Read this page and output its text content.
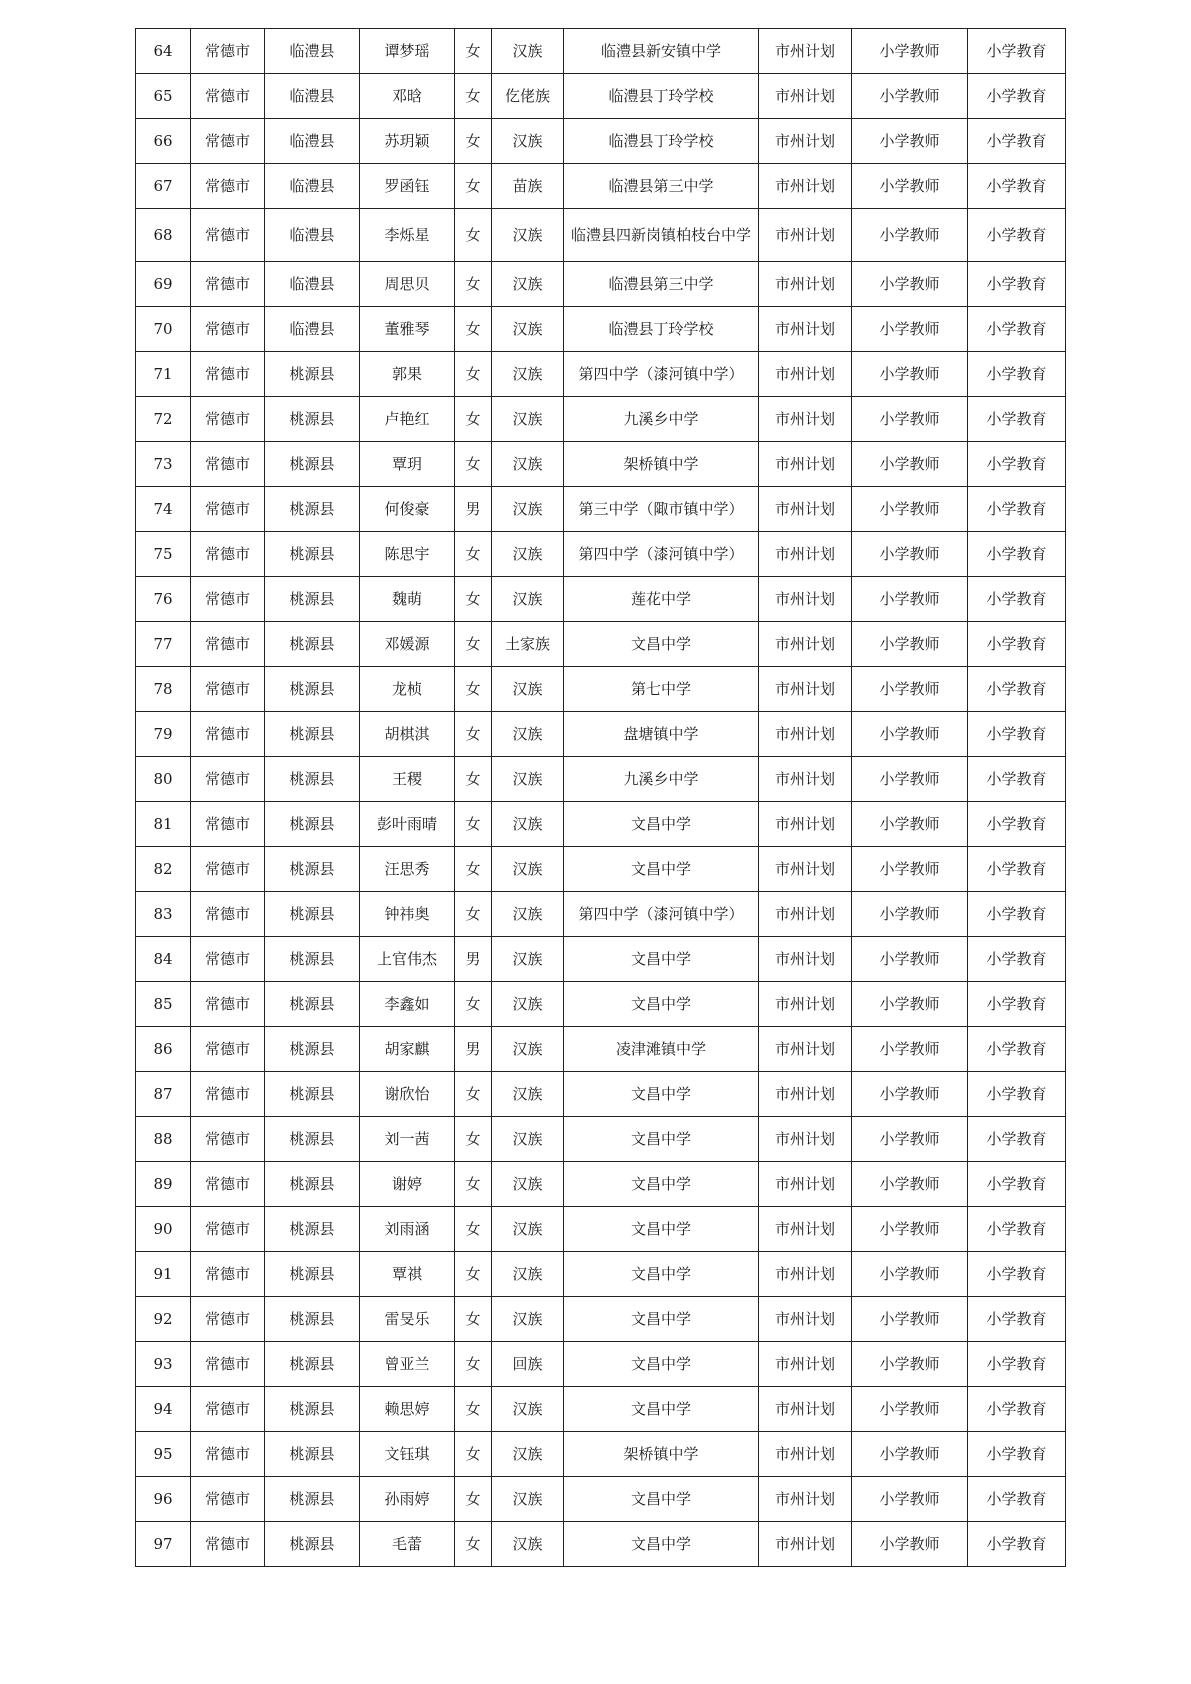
64	常德市	临澧县	谭梦瑶	女	汉族	临澧县新安镇中学	市州计划	小学教师	小学教育
65	常德市	临澧县	邓晗	女	仡佬族	临澧县丁玲学校	市州计划	小学教师	小学教育
66	常德市	临澧县	苏玥颖	女	汉族	临澧县丁玲学校	市州计划	小学教师	小学教育
67	常德市	临澧县	罗函钰	女	苗族	临澧县第三中学	市州计划	小学教师	小学教育
68	常德市	临澧县	李烁星	女	汉族	临澧县四新岗镇柏枝台中学	市州计划	小学教师	小学教育
69	常德市	临澧县	周思贝	女	汉族	临澧县第三中学	市州计划	小学教师	小学教育
70	常德市	临澧县	董雅琴	女	汉族	临澧县丁玲学校	市州计划	小学教师	小学教育
71	常德市	桃源县	郭果	女	汉族	第四中学（漆河镇中学）	市州计划	小学教师	小学教育
72	常德市	桃源县	卢艳红	女	汉族	九溪乡中学	市州计划	小学教师	小学教育
73	常德市	桃源县	覃玥	女	汉族	架桥镇中学	市州计划	小学教师	小学教育
74	常德市	桃源县	何俊豪	男	汉族	第三中学（陬市镇中学）	市州计划	小学教师	小学教育
75	常德市	桃源县	陈思宇	女	汉族	第四中学（漆河镇中学）	市州计划	小学教师	小学教育
76	常德市	桃源县	魏萌	女	汉族	莲花中学	市州计划	小学教师	小学教育
77	常德市	桃源县	邓媛源	女	土家族	文昌中学	市州计划	小学教师	小学教育
78	常德市	桃源县	龙桢	女	汉族	第七中学	市州计划	小学教师	小学教育
79	常德市	桃源县	胡棋淇	女	汉族	盘塘镇中学	市州计划	小学教师	小学教育
80	常德市	桃源县	王稷	女	汉族	九溪乡中学	市州计划	小学教师	小学教育
81	常德市	桃源县	彭叶雨晴	女	汉族	文昌中学	市州计划	小学教师	小学教育
82	常德市	桃源县	汪思秀	女	汉族	文昌中学	市州计划	小学教师	小学教育
83	常德市	桃源县	钟祎奥	女	汉族	第四中学（漆河镇中学）	市州计划	小学教师	小学教育
84	常德市	桃源县	上官伟杰	男	汉族	文昌中学	市州计划	小学教师	小学教育
85	常德市	桃源县	李鑫如	女	汉族	文昌中学	市州计划	小学教师	小学教育
86	常德市	桃源县	胡家麒	男	汉族	凌津滩镇中学	市州计划	小学教师	小学教育
87	常德市	桃源县	谢欣怡	女	汉族	文昌中学	市州计划	小学教师	小学教育
88	常德市	桃源县	刘一茜	女	汉族	文昌中学	市州计划	小学教师	小学教育
89	常德市	桃源县	谢婷	女	汉族	文昌中学	市州计划	小学教师	小学教育
90	常德市	桃源县	刘雨涵	女	汉族	文昌中学	市州计划	小学教师	小学教育
91	常德市	桃源县	覃祺	女	汉族	文昌中学	市州计划	小学教师	小学教育
92	常德市	桃源县	雷旻乐	女	汉族	文昌中学	市州计划	小学教师	小学教育
93	常德市	桃源县	曾亚兰	女	回族	文昌中学	市州计划	小学教师	小学教育
94	常德市	桃源县	赖思婷	女	汉族	文昌中学	市州计划	小学教师	小学教育
95	常德市	桃源县	文钰琪	女	汉族	架桥镇中学	市州计划	小学教师	小学教育
96	常德市	桃源县	孙雨婷	女	汉族	文昌中学	市州计划	小学教师	小学教育
97	常德市	桃源县	毛蕾	女	汉族	文昌中学	市州计划	小学教师	小学教育
